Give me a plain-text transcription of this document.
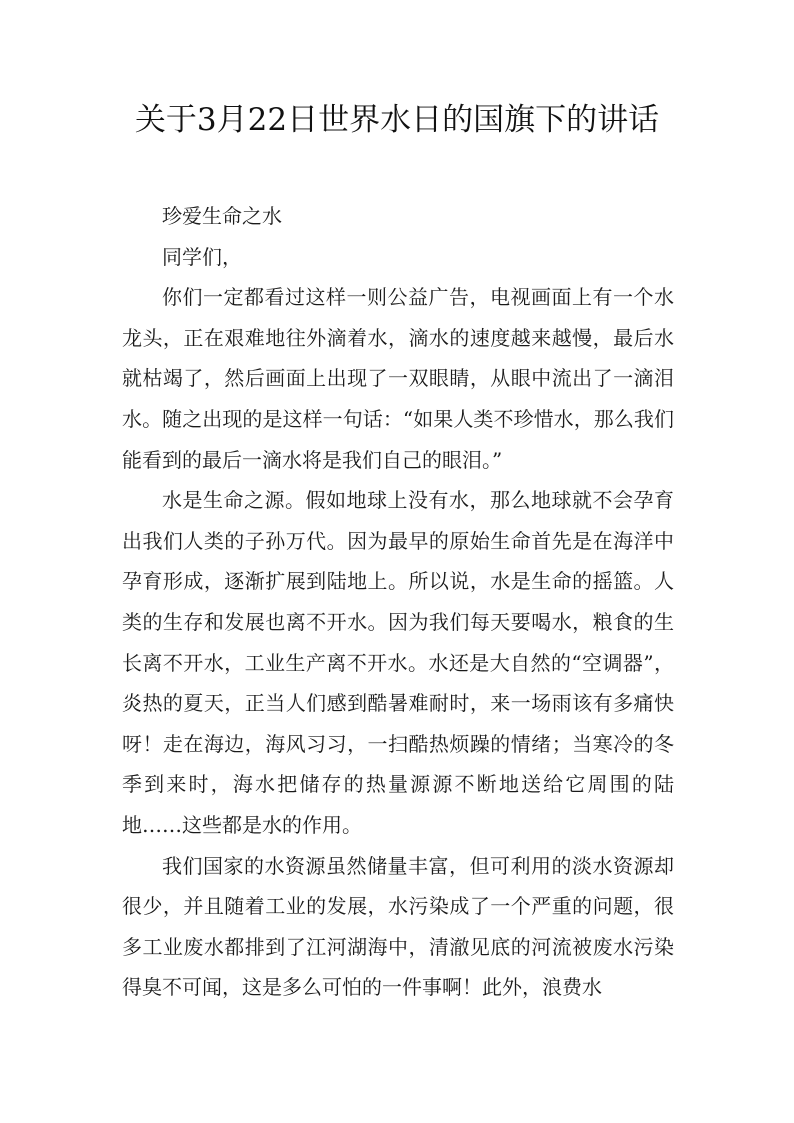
关于3月22日世界水日的国旗下的讲话

珍爱生命之水

同学们，

你们一定都看过这样一则公益广告，电视画面上有一个水龙头，正在艰难地往外滴着水，滴水的速度越来越慢，最后水就枯竭了，然后画面上出现了一双眼睛，从眼中流出了一滴泪水。随之出现的是这样一句话：“如果人类不珍惜水，那么我们能看到的最后一滴水将是我们自己的眼泪。”

水是生命之源。假如地球上没有水，那么地球就不会孕育出我们人类的子孙万代。因为最早的原始生命首先是在海洋中孕育形成，逐渐扩展到陆地上。所以说，水是生命的摇篮。人类的生存和发展也离不开水。因为我们每天要喝水，粮食的生长离不开水，工业生产离不开水。水还是大自然的“空调器”，炎热的夏天，正当人们感到酷暑难耐时，来一场雨该有多痛快呀！走在海边，海风习习，一扫酷热烦躁的情绪；当寒冷的冬季到来时，海水把储存的热量源源不断地送给它周围的陆地……这些都是水的作用。

我们国家的水资源虽然储量丰富，但可利用的淡水资源却很少，并且随着工业的发展，水污染成了一个严重的问题，很多工业废水都排到了江河湖海中，清澈见底的河流被废水污染得臭不可闻，这是多么可怕的一件事啊！此外，浪费水
